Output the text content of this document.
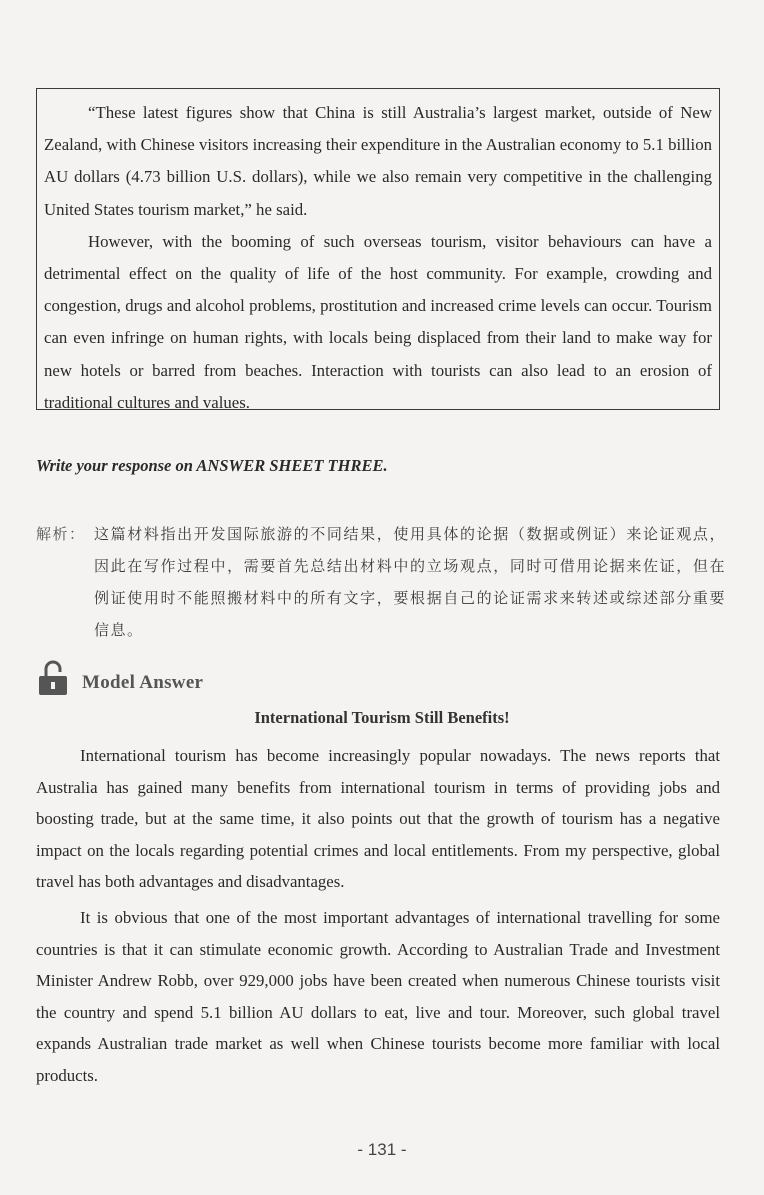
“These latest figures show that China is still Australia’s largest market, outside of New Zealand, with Chinese visitors increasing their expenditure in the Australian economy to 5.1 billion AU dollars (4.73 billion U.S. dollars), while we also remain very competitive in the challenging United States tourism market,” he said.

However, with the booming of such overseas tourism, visitor behaviours can have a detrimental effect on the quality of life of the host community. For example, crowding and congestion, drugs and alcohol problems, prostitution and increased crime levels can occur. Tourism can even infringe on human rights, with locals being displaced from their land to make way for new hotels or barred from beaches. Interaction with tourists can also lead to an erosion of traditional cultures and values.

Write your response on ANSWER SHEET THREE.
解析： 这篇材料指出开发国际旅游的不同结果，使用具体的论据（数据或例证）来论证观点，因此在写作过程中，需要首先总结出材料中的立场观点，同时可借用论据来佐证，但在例证使用时不能照搬材料中的所有文字，要根据自己的论证需求来转述或综述部分重要信息。
Model Answer
International Tourism Still Benefits!

International tourism has become increasingly popular nowadays. The news reports that Australia has gained many benefits from international tourism in terms of providing jobs and boosting trade, but at the same time, it also points out that the growth of tourism has a negative impact on the locals regarding potential crimes and local entitlements. From my perspective, global travel has both advantages and disadvantages.

It is obvious that one of the most important advantages of international travelling for some countries is that it can stimulate economic growth. According to Australian Trade and Investment Minister Andrew Robb, over 929,000 jobs have been created when numerous Chinese tourists visit the country and spend 5.1 billion AU dollars to eat, live and tour. Moreover, such global travel expands Australian trade market as well when Chinese tourists become more familiar with local products.

- 131 -
